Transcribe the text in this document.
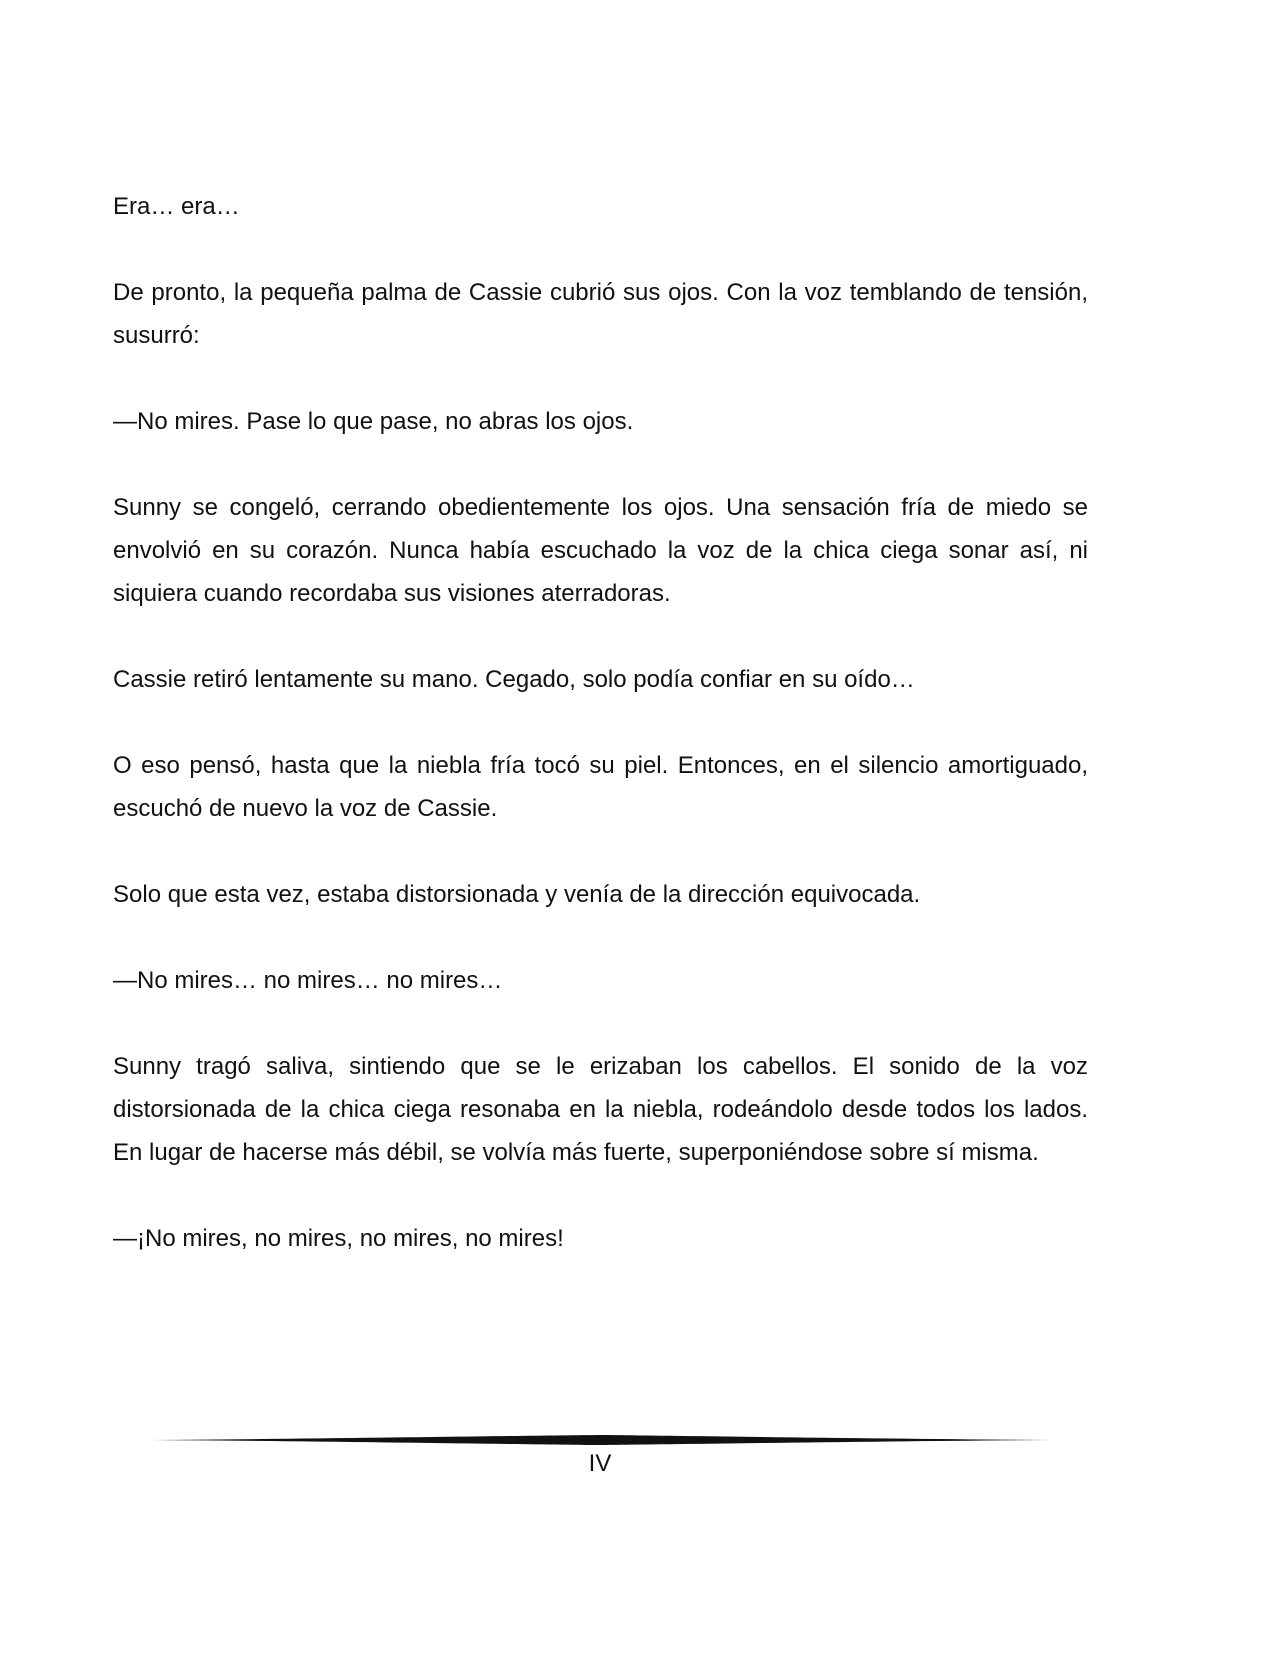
Era… era…

De pronto, la pequeña palma de Cassie cubrió sus ojos. Con la voz temblando de tensión, susurró:

—No mires. Pase lo que pase, no abras los ojos.

Sunny se congeló, cerrando obedientemente los ojos. Una sensación fría de miedo se envolvió en su corazón. Nunca había escuchado la voz de la chica ciega sonar así, ni siquiera cuando recordaba sus visiones aterradoras.

Cassie retiró lentamente su mano. Cegado, solo podía confiar en su oído…

O eso pensó, hasta que la niebla fría tocó su piel. Entonces, en el silencio amortiguado, escuchó de nuevo la voz de Cassie.

Solo que esta vez, estaba distorsionada y venía de la dirección equivocada.

—No mires… no mires… no mires…

Sunny tragó saliva, sintiendo que se le erizaban los cabellos. El sonido de la voz distorsionada de la chica ciega resonaba en la niebla, rodeándolo desde todos los lados. En lugar de hacerse más débil, se volvía más fuerte, superponiéndose sobre sí misma.

—¡No mires, no mires, no mires, no mires!

IV
